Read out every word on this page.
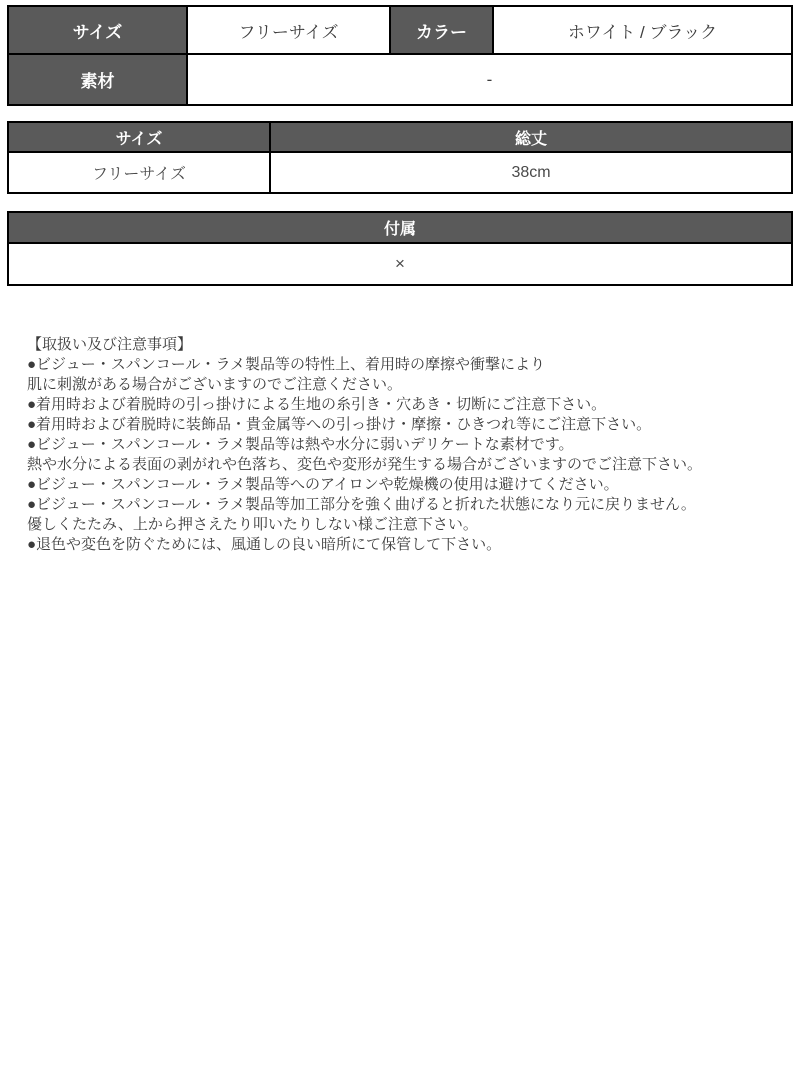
サイズ	フリーサイズ	カラー	ホワイト / ブラック
素材	-		
サイズ	総丈
フリーサイズ	38cm
付属
×
【取扱い及び注意事項】
●ビジュー・スパンコール・ラメ製品等の特性上、着用時の摩擦や衝撃により
肌に刺激がある場合がございますのでご注意ください。
●着用時および着脱時の引っ掛けによる生地の糸引き・穴あき・切断にご注意下さい。
●着用時および着脱時に装飾品・貴金属等への引っ掛け・摩擦・ひきつれ等にご注意下さい。
●ビジュー・スパンコール・ラメ製品等は熱や水分に弱いデリケートな素材です。
熱や水分による表面の剥がれや色落ち、変色や変形が発生する場合がございますのでご注意下さい。
●ビジュー・スパンコール・ラメ製品等へのアイロンや乾燥機の使用は避けてください。
●ビジュー・スパンコール・ラメ製品等加工部分を強く曲げると折れた状態になり元に戻りません。
優しくたたみ、上から押さえたり叩いたりしない様ご注意下さい。
●退色や変色を防ぐためには、風通しの良い暗所にて保管して下さい。
